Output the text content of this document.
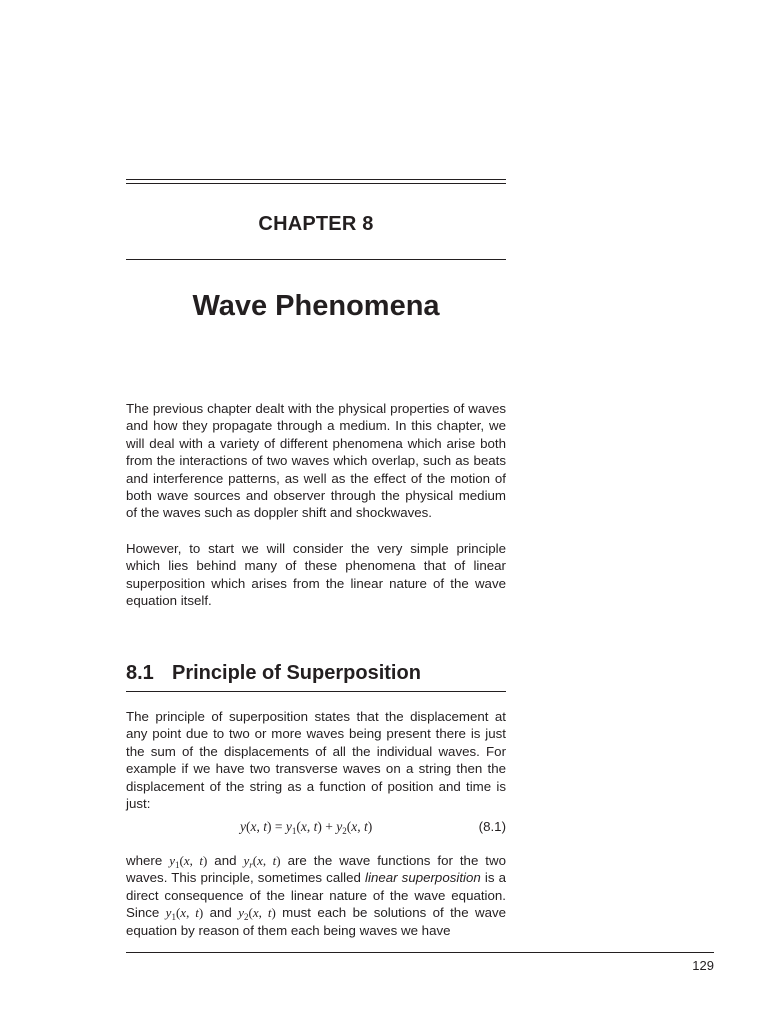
CHAPTER 8
Wave Phenomena

The previous chapter dealt with the physical properties of waves and how they propagate through a medium. In this chapter, we will deal with a variety of different phenomena which arise both from the interactions of two waves which overlap, such as beats and interference patterns, as well as the effect of the motion of both wave sources and observer through the physical medium of the waves such as doppler shift and shockwaves.

However, to start we will consider the very simple principle which lies behind many of these phenomena that of linear superposition which arises from the linear nature of the wave equation itself.

8.1 Principle of Superposition

The principle of superposition states that the displacement at any point due to two or more waves being present there is just the sum of the displacements of all the individual waves. For example if we have two transverse waves on a string then the displacement of the string as a function of position and time is just:

y(x, $t) = y_1(x$, $t) + y_2(x$, t)	(8.1)

where $y_1(x$, t) and $y_r(x$, t) are the wave functions for the two waves. This principle, sometimes called linear superposition is a direct consequence of the linear nature of the wave equation. Since $y_1(x$, t) and $y_2(x$, t) must each be solutions of the wave equation by reason of them each being waves we have

129
